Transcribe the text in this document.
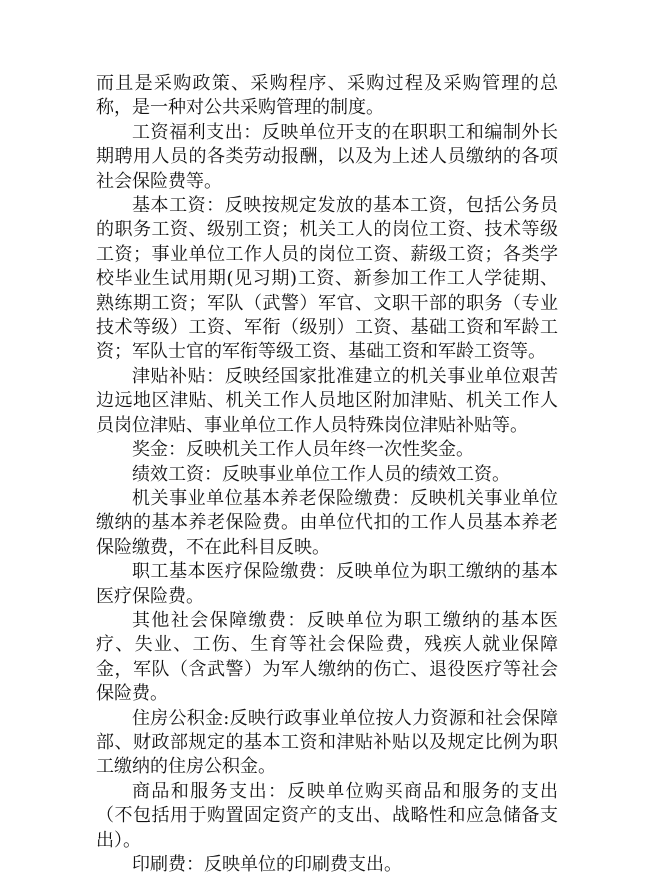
而且是采购政策、采购程序、采购过程及采购管理的总称，是一种对公共采购管理的制度。

工资福利支出：反映单位开支的在职职工和编制外长期聘用人员的各类劳动报酬，以及为上述人员缴纳的各项社会保险费等。

基本工资：反映按规定发放的基本工资，包括公务员的职务工资、级别工资；机关工人的岗位工资、技术等级工资；事业单位工作人员的岗位工资、薪级工资；各类学校毕业生试用期(见习期)工资、新参加工作工人学徒期、熟练期工资；军队（武警）军官、文职干部的职务（专业技术等级）工资、军衔（级别）工资、基础工资和军龄工资；军队士官的军衔等级工资、基础工资和军龄工资等。

津贴补贴：反映经国家批准建立的机关事业单位艰苦边远地区津贴、机关工作人员地区附加津贴、机关工作人员岗位津贴、事业单位工作人员特殊岗位津贴补贴等。

奖金：反映机关工作人员年终一次性奖金。

绩效工资：反映事业单位工作人员的绩效工资。

机关事业单位基本养老保险缴费：反映机关事业单位缴纳的基本养老保险费。由单位代扣的工作人员基本养老保险缴费，不在此科目反映。

职工基本医疗保险缴费：反映单位为职工缴纳的基本医疗保险费。

其他社会保障缴费：反映单位为职工缴纳的基本医疗、失业、工伤、生育等社会保险费，残疾人就业保障金，军队（含武警）为军人缴纳的伤亡、退役医疗等社会保险费。

住房公积金:反映行政事业单位按人力资源和社会保障部、财政部规定的基本工资和津贴补贴以及规定比例为职工缴纳的住房公积金。

商品和服务支出：反映单位购买商品和服务的支出（不包括用于购置固定资产的支出、战略性和应急储备支出）。

印刷费：反映单位的印刷费支出。
